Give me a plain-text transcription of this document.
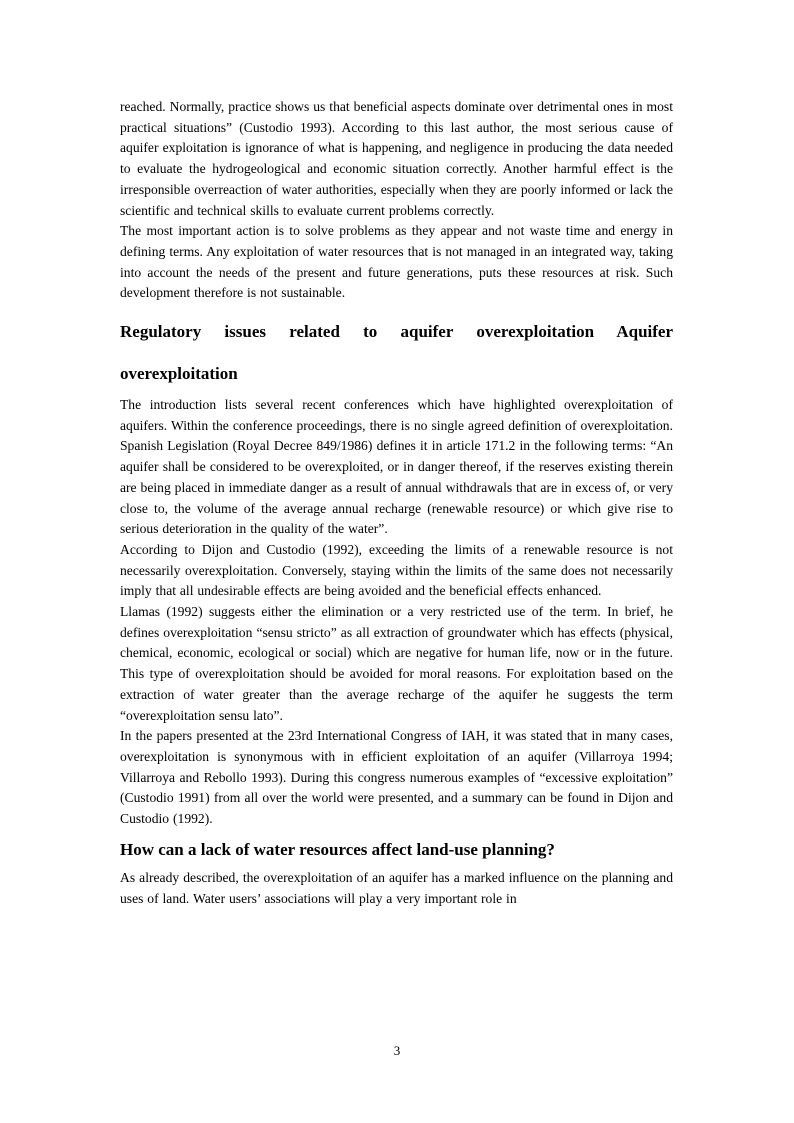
reached. Normally, practice shows us that beneficial aspects dominate over detrimental ones in most practical situations” (Custodio 1993). According to this last author, the most serious cause of aquifer exploitation is ignorance of what is happening, and negligence in producing the data needed to evaluate the hydrogeological and economic situation correctly. Another harmful effect is the irresponsible overreaction of water authorities, especially when they are poorly informed or lack the scientific and technical skills to evaluate current problems correctly.

The most important action is to solve problems as they appear and not waste time and energy in defining terms. Any exploitation of water resources that is not managed in an integrated way, taking into account the needs of the present and future generations, puts these resources at risk. Such development therefore is not sustainable.

Regulatory issues related to aquifer overexploitation Aquifer overexploitation

The introduction lists several recent conferences which have highlighted overexploitation of aquifers. Within the conference proceedings, there is no single agreed definition of overexploitation. Spanish Legislation (Royal Decree 849/1986) defines it in article 171.2 in the following terms: “An aquifer shall be considered to be overexploited, or in danger thereof, if the reserves existing therein are being placed in immediate danger as a result of annual withdrawals that are in excess of, or very close to, the volume of the average annual recharge (renewable resource) or which give rise to serious deterioration in the quality of the water”.

According to Dijon and Custodio (1992), exceeding the limits of a renewable resource is not necessarily overexploitation. Conversely, staying within the limits of the same does not necessarily imply that all undesirable effects are being avoided and the beneficial effects enhanced.

Llamas (1992) suggests either the elimination or a very restricted use of the term. In brief, he defines overexploitation “sensu stricto” as all extraction of groundwater which has effects (physical, chemical, economic, ecological or social) which are negative for human life, now or in the future. This type of overexploitation should be avoided for moral reasons. For exploitation based on the extraction of water greater than the average recharge of the aquifer he suggests the term “overexploitation sensu lato”.

In the papers presented at the 23rd International Congress of IAH, it was stated that in many cases, overexploitation is synonymous with in efficient exploitation of an aquifer (Villarroya 1994; Villarroya and Rebollo 1993). During this congress numerous examples of “excessive exploitation” (Custodio 1991) from all over the world were presented, and a summary can be found in Dijon and Custodio (1992).

How can a lack of water resources affect land-use planning?

As already described, the overexploitation of an aquifer has a marked influence on the planning and uses of land. Water users’ associations will play a very important role in

3
